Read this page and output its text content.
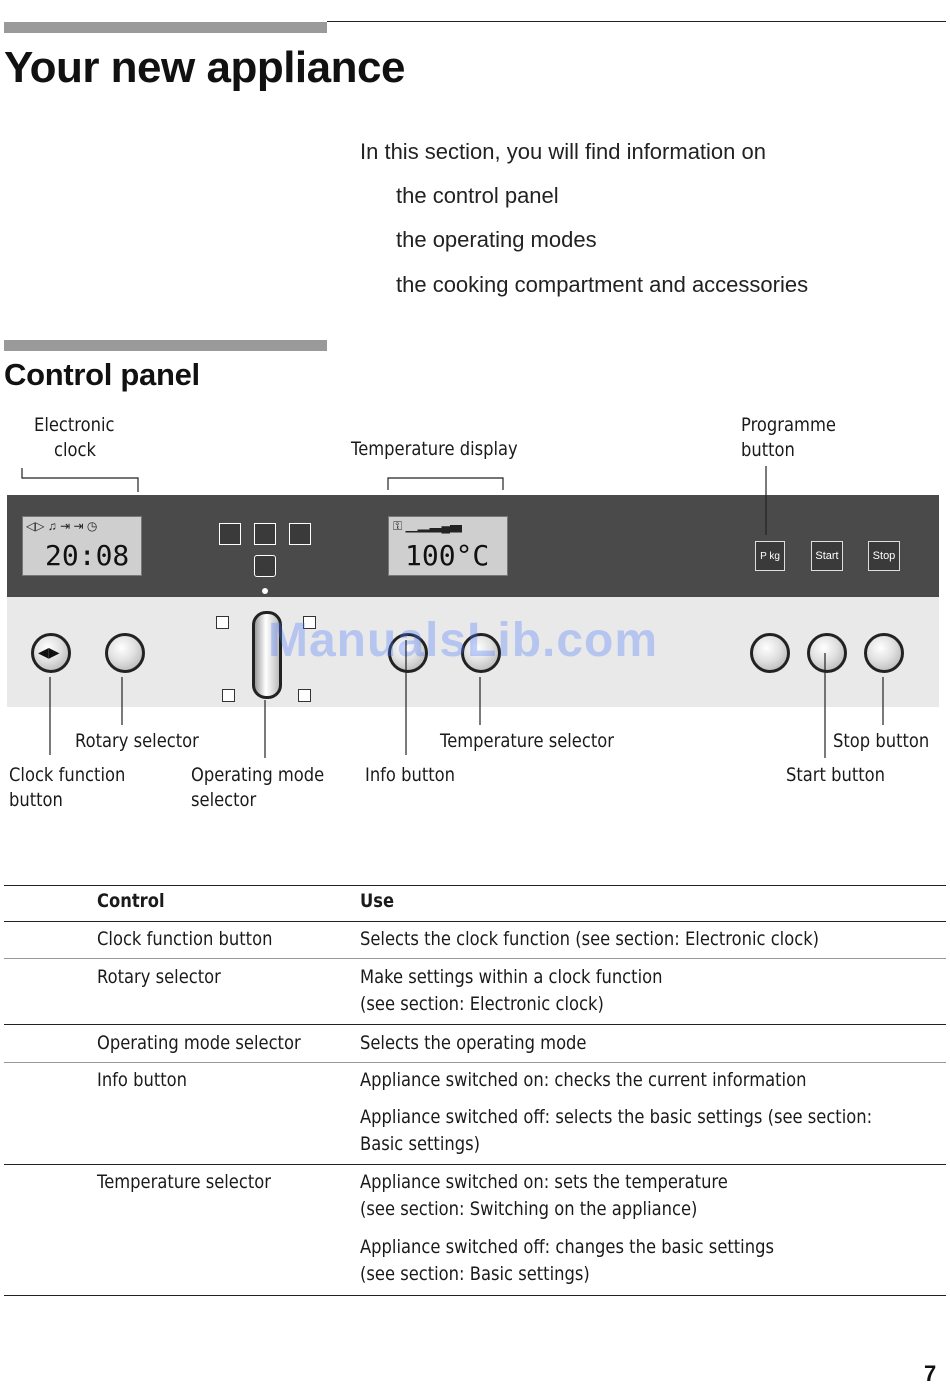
Your new appliance
In this section, you will find information on
the control panel
the operating modes
the cooking compartment and accessories
Control panel
Electronic
clock	Temperature display
Programme
button
◁▷ ♫ ⇥ ⇥ ◷
20:08
⚿ ▁▂▃▄▅
100°C	P kg	Start	Stop
◀▶	ManualsLib.com
Rotary selector	Temperature selector	Stop button
Clock function
button
Operating mode
selector
Info button	Start button
Control	Use
Clock function button	Selects the clock function (see section: Electronic clock)
Rotary selector	Make settings within a clock function
(see section: Electronic clock)
Operating mode selector	Selects the operating mode
Info button	Appliance switched on: checks the current information
Appliance switched off: selects the basic settings (see section:
Basic settings)
Temperature selector	Appliance switched on: sets the temperature
(see section: Switching on the appliance)
Appliance switched off: changes the basic settings
(see section: Basic settings)
7
